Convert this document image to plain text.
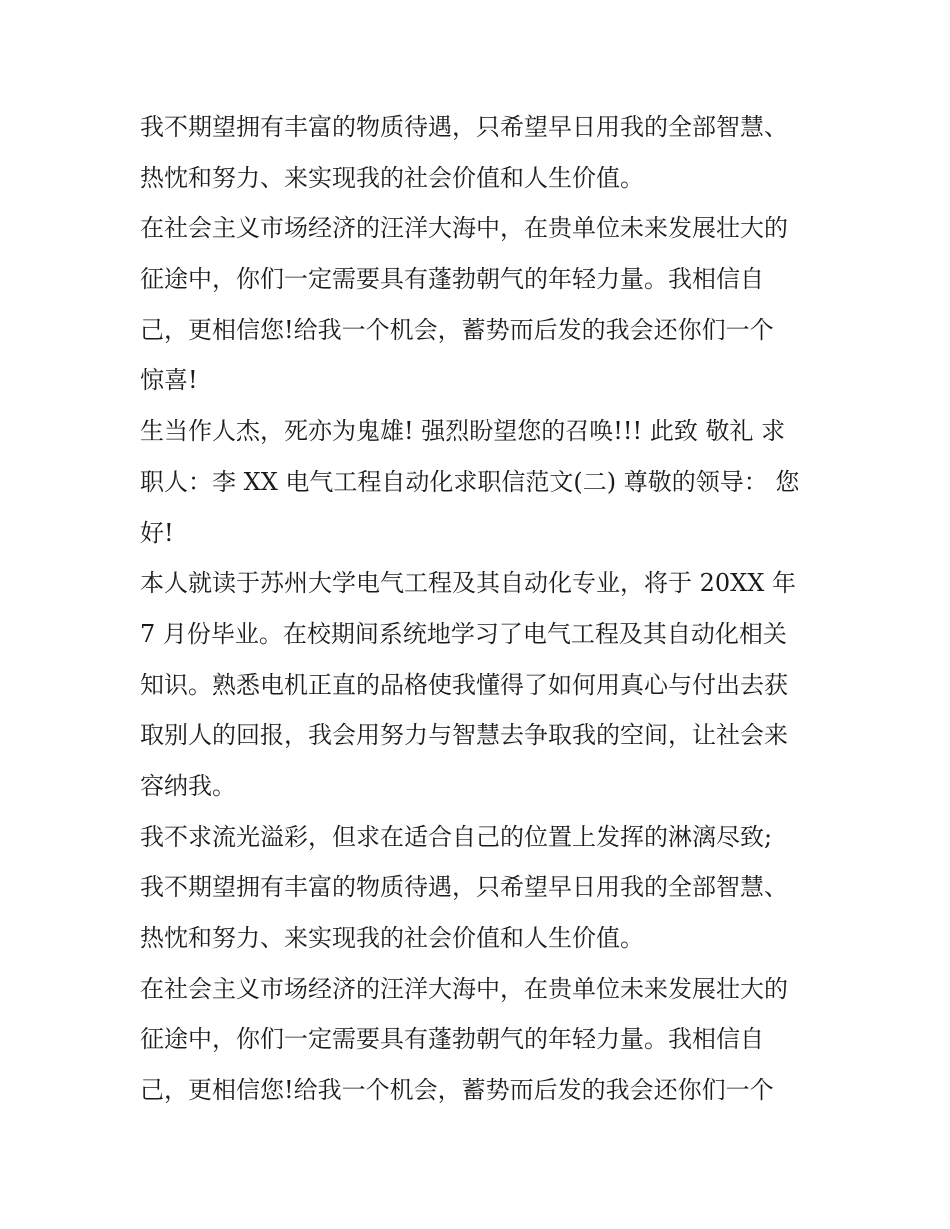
我不期望拥有丰富的物质待遇，只希望早日用我的全部智慧、
热忱和努力、来实现我的社会价值和人生价值。
在社会主义市场经济的汪洋大海中，在贵单位未来发展壮大的
征途中，你们一定需要具有蓬勃朝气的年轻力量。我相信自
己，更相信您!给我一个机会，蓄势而后发的我会还你们一个
惊喜!
生当作人杰，死亦为鬼雄! 强烈盼望您的召唤!!! 此致 敬礼 求
职人：李 XX 电气工程自动化求职信范文(二) 尊敬的领导： 您
好!
本人就读于苏州大学电气工程及其自动化专业，将于 20XX 年
7 月份毕业。在校期间系统地学习了电气工程及其自动化相关
知识。熟悉电机正直的品格使我懂得了如何用真心与付出去获
取别人的回报，我会用努力与智慧去争取我的空间，让社会来
容纳我。
我不求流光溢彩，但求在适合自己的位置上发挥的淋漓尽致;
我不期望拥有丰富的物质待遇，只希望早日用我的全部智慧、
热忱和努力、来实现我的社会价值和人生价值。
在社会主义市场经济的汪洋大海中，在贵单位未来发展壮大的
征途中，你们一定需要具有蓬勃朝气的年轻力量。我相信自
己，更相信您!给我一个机会，蓄势而后发的我会还你们一个
